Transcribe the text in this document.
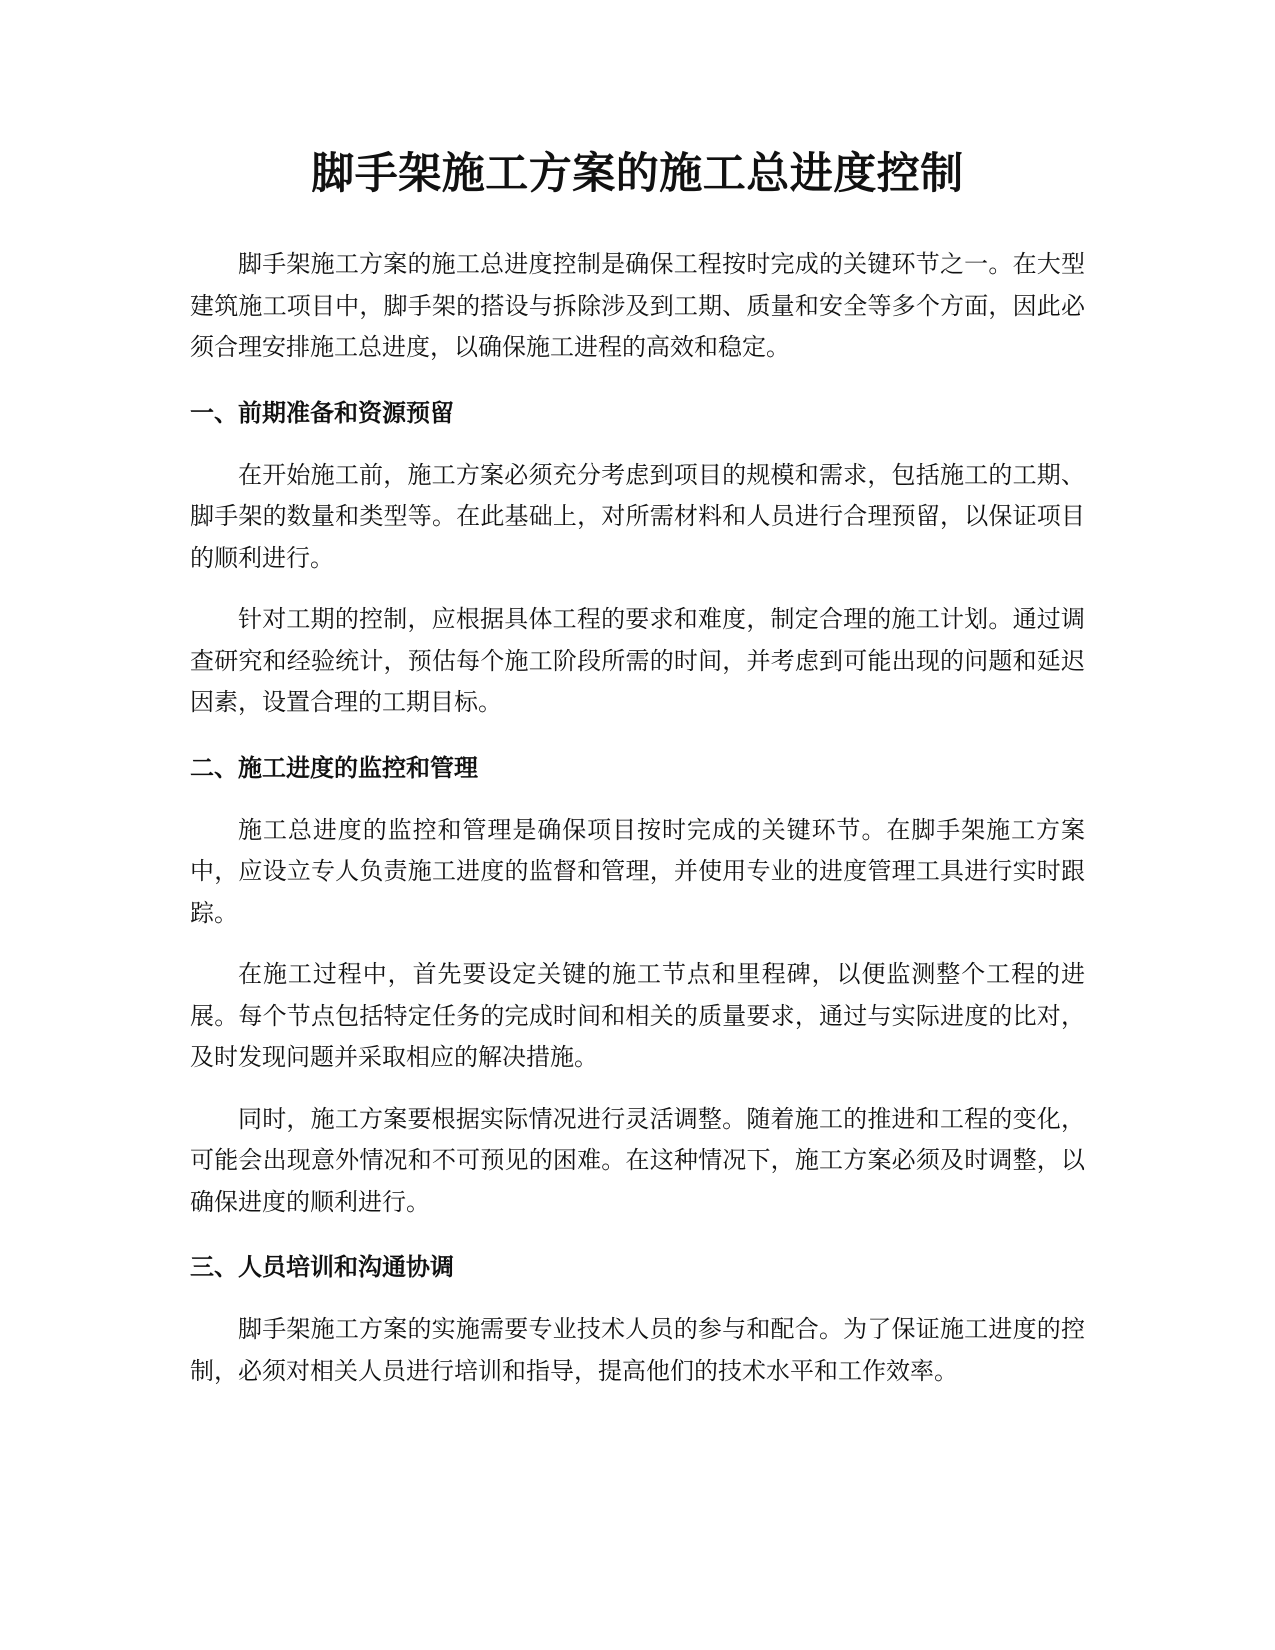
脚手架施工方案的施工总进度控制

脚手架施工方案的施工总进度控制是确保工程按时完成的关键环节之一。在大型建筑施工项目中，脚手架的搭设与拆除涉及到工期、质量和安全等多个方面，因此必须合理安排施工总进度，以确保施工进程的高效和稳定。

一、前期准备和资源预留

在开始施工前，施工方案必须充分考虑到项目的规模和需求，包括施工的工期、脚手架的数量和类型等。在此基础上，对所需材料和人员进行合理预留，以保证项目的顺利进行。

针对工期的控制，应根据具体工程的要求和难度，制定合理的施工计划。通过调查研究和经验统计，预估每个施工阶段所需的时间，并考虑到可能出现的问题和延迟因素，设置合理的工期目标。

二、施工进度的监控和管理

施工总进度的监控和管理是确保项目按时完成的关键环节。在脚手架施工方案中，应设立专人负责施工进度的监督和管理，并使用专业的进度管理工具进行实时跟踪。

在施工过程中，首先要设定关键的施工节点和里程碑，以便监测整个工程的进展。每个节点包括特定任务的完成时间和相关的质量要求，通过与实际进度的比对，及时发现问题并采取相应的解决措施。

同时，施工方案要根据实际情况进行灵活调整。随着施工的推进和工程的变化，可能会出现意外情况和不可预见的困难。在这种情况下，施工方案必须及时调整，以确保进度的顺利进行。

三、人员培训和沟通协调

脚手架施工方案的实施需要专业技术人员的参与和配合。为了保证施工进度的控制，必须对相关人员进行培训和指导，提高他们的技术水平和工作效率。
